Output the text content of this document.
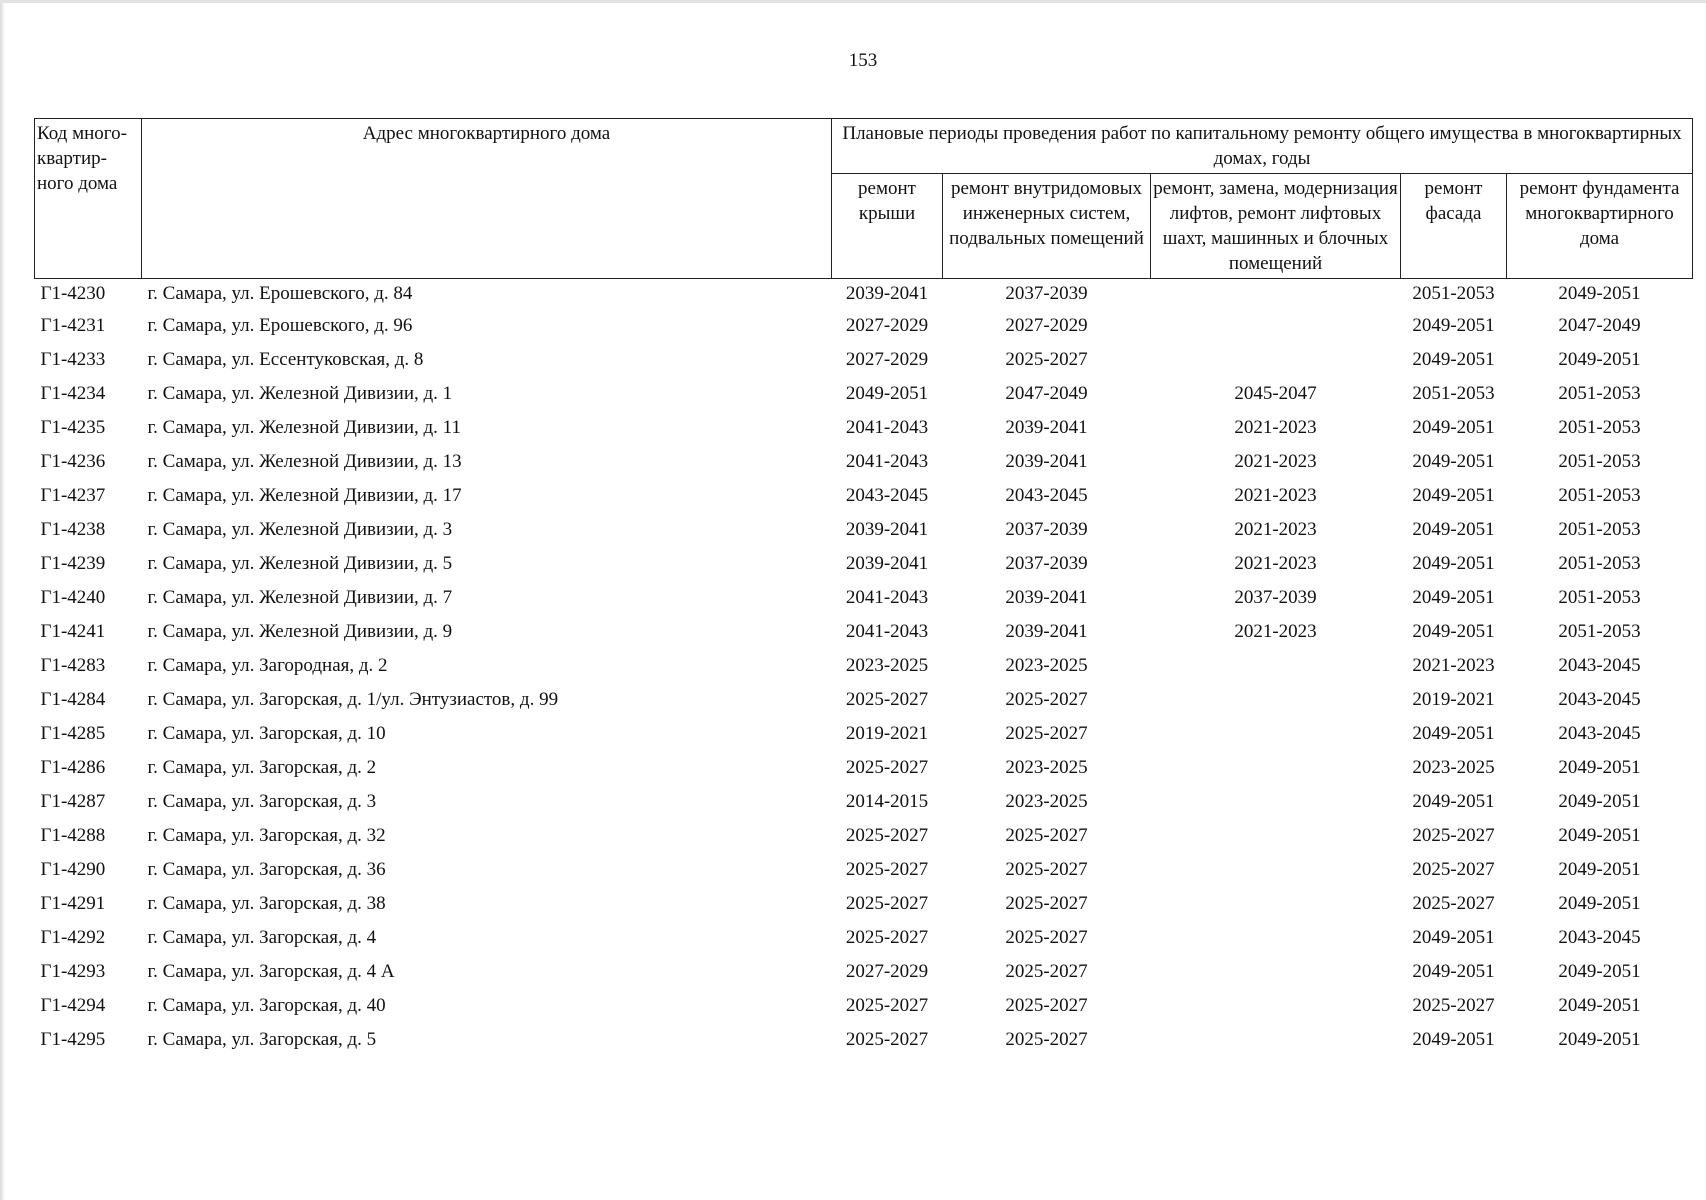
153
Код много-квартир-ного дома	Адрес многоквартирного дома	Плановые периоды проведения работ по капитальному ремонту общего имущества в многоквартирных домах, годы				
		ремонт крыши	ремонт внутридомовых инженерных систем, подвальных помещений	ремонт, замена, модернизация лифтов, ремонт лифтовых шахт, машинных и блочных помещений	ремонт фасада	ремонт фундамента многоквартирного дома
Г1-4230	г. Самара, ул. Ерошевского, д. 84	2039-2041	2037-2039		2051-2053	2049-2051
Г1-4231	г. Самара, ул. Ерошевского, д. 96	2027-2029	2027-2029		2049-2051	2047-2049
Г1-4233	г. Самара, ул. Ессентуковская, д. 8	2027-2029	2025-2027		2049-2051	2049-2051
Г1-4234	г. Самара, ул. Железной Дивизии, д. 1	2049-2051	2047-2049	2045-2047	2051-2053	2051-2053
Г1-4235	г. Самара, ул. Железной Дивизии, д. 11	2041-2043	2039-2041	2021-2023	2049-2051	2051-2053
Г1-4236	г. Самара, ул. Железной Дивизии, д. 13	2041-2043	2039-2041	2021-2023	2049-2051	2051-2053
Г1-4237	г. Самара, ул. Железной Дивизии, д. 17	2043-2045	2043-2045	2021-2023	2049-2051	2051-2053
Г1-4238	г. Самара, ул. Железной Дивизии, д. 3	2039-2041	2037-2039	2021-2023	2049-2051	2051-2053
Г1-4239	г. Самара, ул. Железной Дивизии, д. 5	2039-2041	2037-2039	2021-2023	2049-2051	2051-2053
Г1-4240	г. Самара, ул. Железной Дивизии, д. 7	2041-2043	2039-2041	2037-2039	2049-2051	2051-2053
Г1-4241	г. Самара, ул. Железной Дивизии, д. 9	2041-2043	2039-2041	2021-2023	2049-2051	2051-2053
Г1-4283	г. Самара, ул. Загородная, д. 2	2023-2025	2023-2025		2021-2023	2043-2045
Г1-4284	г. Самара, ул. Загорская, д. 1/ул. Энтузиастов, д. 99	2025-2027	2025-2027		2019-2021	2043-2045
Г1-4285	г. Самара, ул. Загорская, д. 10	2019-2021	2025-2027		2049-2051	2043-2045
Г1-4286	г. Самара, ул. Загорская, д. 2	2025-2027	2023-2025		2023-2025	2049-2051
Г1-4287	г. Самара, ул. Загорская, д. 3	2014-2015	2023-2025		2049-2051	2049-2051
Г1-4288	г. Самара, ул. Загорская, д. 32	2025-2027	2025-2027		2025-2027	2049-2051
Г1-4290	г. Самара, ул. Загорская, д. 36	2025-2027	2025-2027		2025-2027	2049-2051
Г1-4291	г. Самара, ул. Загорская, д. 38	2025-2027	2025-2027		2025-2027	2049-2051
Г1-4292	г. Самара, ул. Загорская, д. 4	2025-2027	2025-2027		2049-2051	2043-2045
Г1-4293	г. Самара, ул. Загорская, д. 4 А	2027-2029	2025-2027		2049-2051	2049-2051
Г1-4294	г. Самара, ул. Загорская, д. 40	2025-2027	2025-2027		2025-2027	2049-2051
Г1-4295	г. Самара, ул. Загорская, д. 5	2025-2027	2025-2027		2049-2051	2049-2051
